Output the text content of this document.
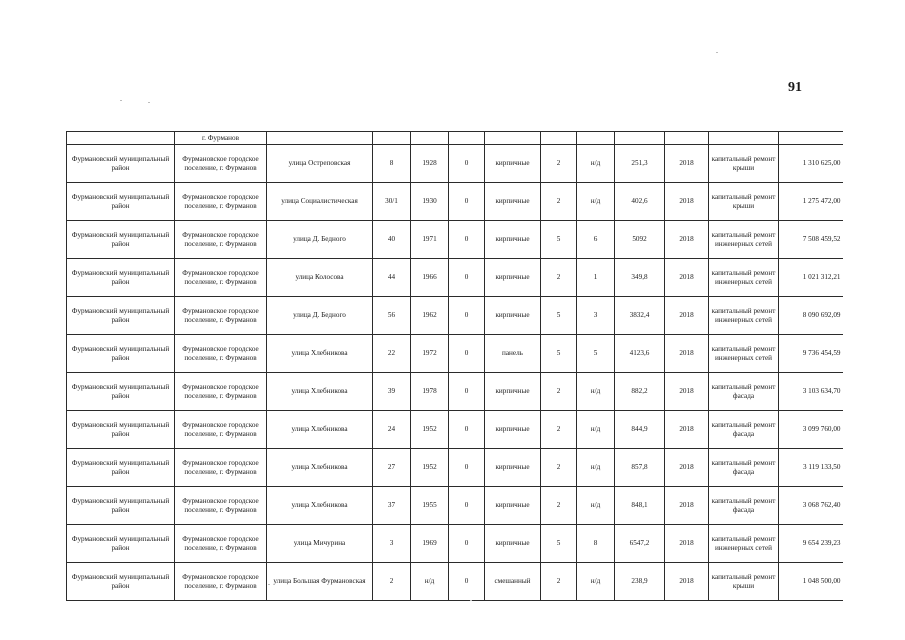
91
	г. Фурманов											
Фурмановский муниципальный район	Фурмановское городское поселение, г. Фурманов	улица Остреповская	8	1928	0	кирпичные	2	н/д	251,3	2018	капитальный ремонт крыши	1 310 625,00
Фурмановский муниципальный район	Фурмановское городское поселение, г. Фурманов	улица Социалистическая	30/1	1930	0	кирпичные	2	н/д	402,6	2018	капитальный ремонт крыши	1 275 472,00
Фурмановский муниципальный район	Фурмановское городское поселение, г. Фурманов	улица Д. Бедного	40	1971	0	кирпичные	5	6	5092	2018	капитальный ремонт инженерных сетей	7 508 459,52
Фурмановский муниципальный район	Фурмановское городское поселение, г. Фурманов	улица Колосова	44	1966	0	кирпичные	2	1	349,8	2018	капитальный ремонт инженерных сетей	1 021 312,21
Фурмановский муниципальный район	Фурмановское городское поселение, г. Фурманов	улица Д. Бедного	56	1962	0	кирпичные	5	3	3832,4	2018	капитальный ремонт инженерных сетей	8 090 692,09
Фурмановский муниципальный район	Фурмановское городское поселение, г. Фурманов	улица Хлебникова	22	1972	0	панель	5	5	4123,6	2018	капитальный ремонт инженерных сетей	9 736 454,59
Фурмановский муниципальный район	Фурмановское городское поселение, г. Фурманов	улица Хлебникова	39	1978	0	кирпичные	2	н/д	882,2	2018	капитальный ремонт фасада	3 103 634,70
Фурмановский муниципальный район	Фурмановское городское поселение, г. Фурманов	улица Хлебникова	24	1952	0	кирпичные	2	н/д	844,9	2018	капитальный ремонт фасада	3 099 760,00
Фурмановский муниципальный район	Фурмановское городское поселение, г. Фурманов	улица Хлебникова	27	1952	0	кирпичные	2	н/д	857,8	2018	капитальный ремонт фасада	3 119 133,50
Фурмановский муниципальный район	Фурмановское городское поселение, г. Фурманов	улица Хлебникова	37	1955	0	кирпичные	2	н/д	848,1	2018	капитальный ремонт фасада	3 068 762,40
Фурмановский муниципальный район	Фурмановское городское поселение, г. Фурманов	улица Мичурина	3	1969	0	кирпичные	5	8	6547,2	2018	капитальный ремонт инженерных сетей	9 654 239,23
Фурмановский муниципальный район	Фурмановское городское поселение, г. Фурманов	улица Большая Фурмановская	2	н/д	0	смешанный	2	н/д	238,9	2018	капитальный ремонт крыши	1 048 500,00
